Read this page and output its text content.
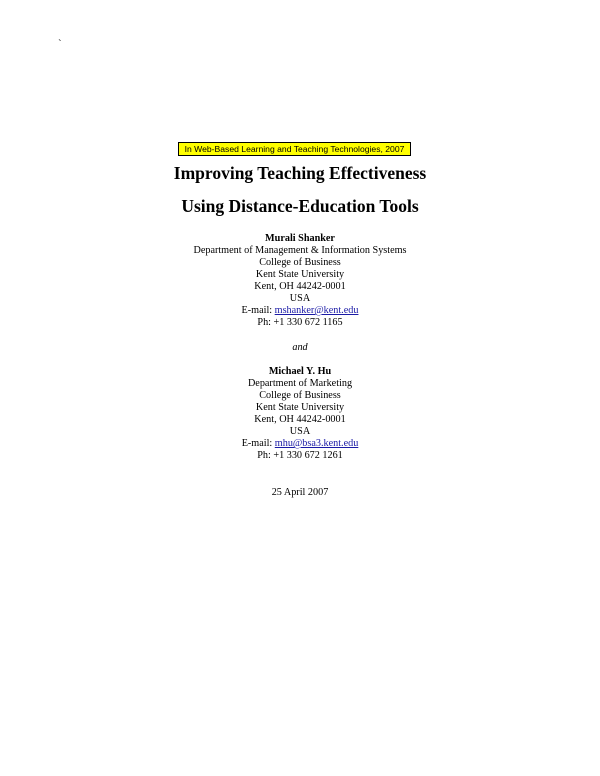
`
In Web-Based Learning and Teaching Technologies, 2007
Improving Teaching Effectiveness
Using Distance-Education Tools
Murali Shanker
Department of Management & Information Systems
College of Business
Kent State University
Kent, OH 44242-0001
USA
E-mail: mshanker@kent.edu
Ph: +1 330 672 1165
and
Michael Y. Hu
Department of Marketing
College of Business
Kent State University
Kent, OH 44242-0001
USA
E-mail: mhu@bsa3.kent.edu
Ph: +1 330 672 1261
25 April 2007
